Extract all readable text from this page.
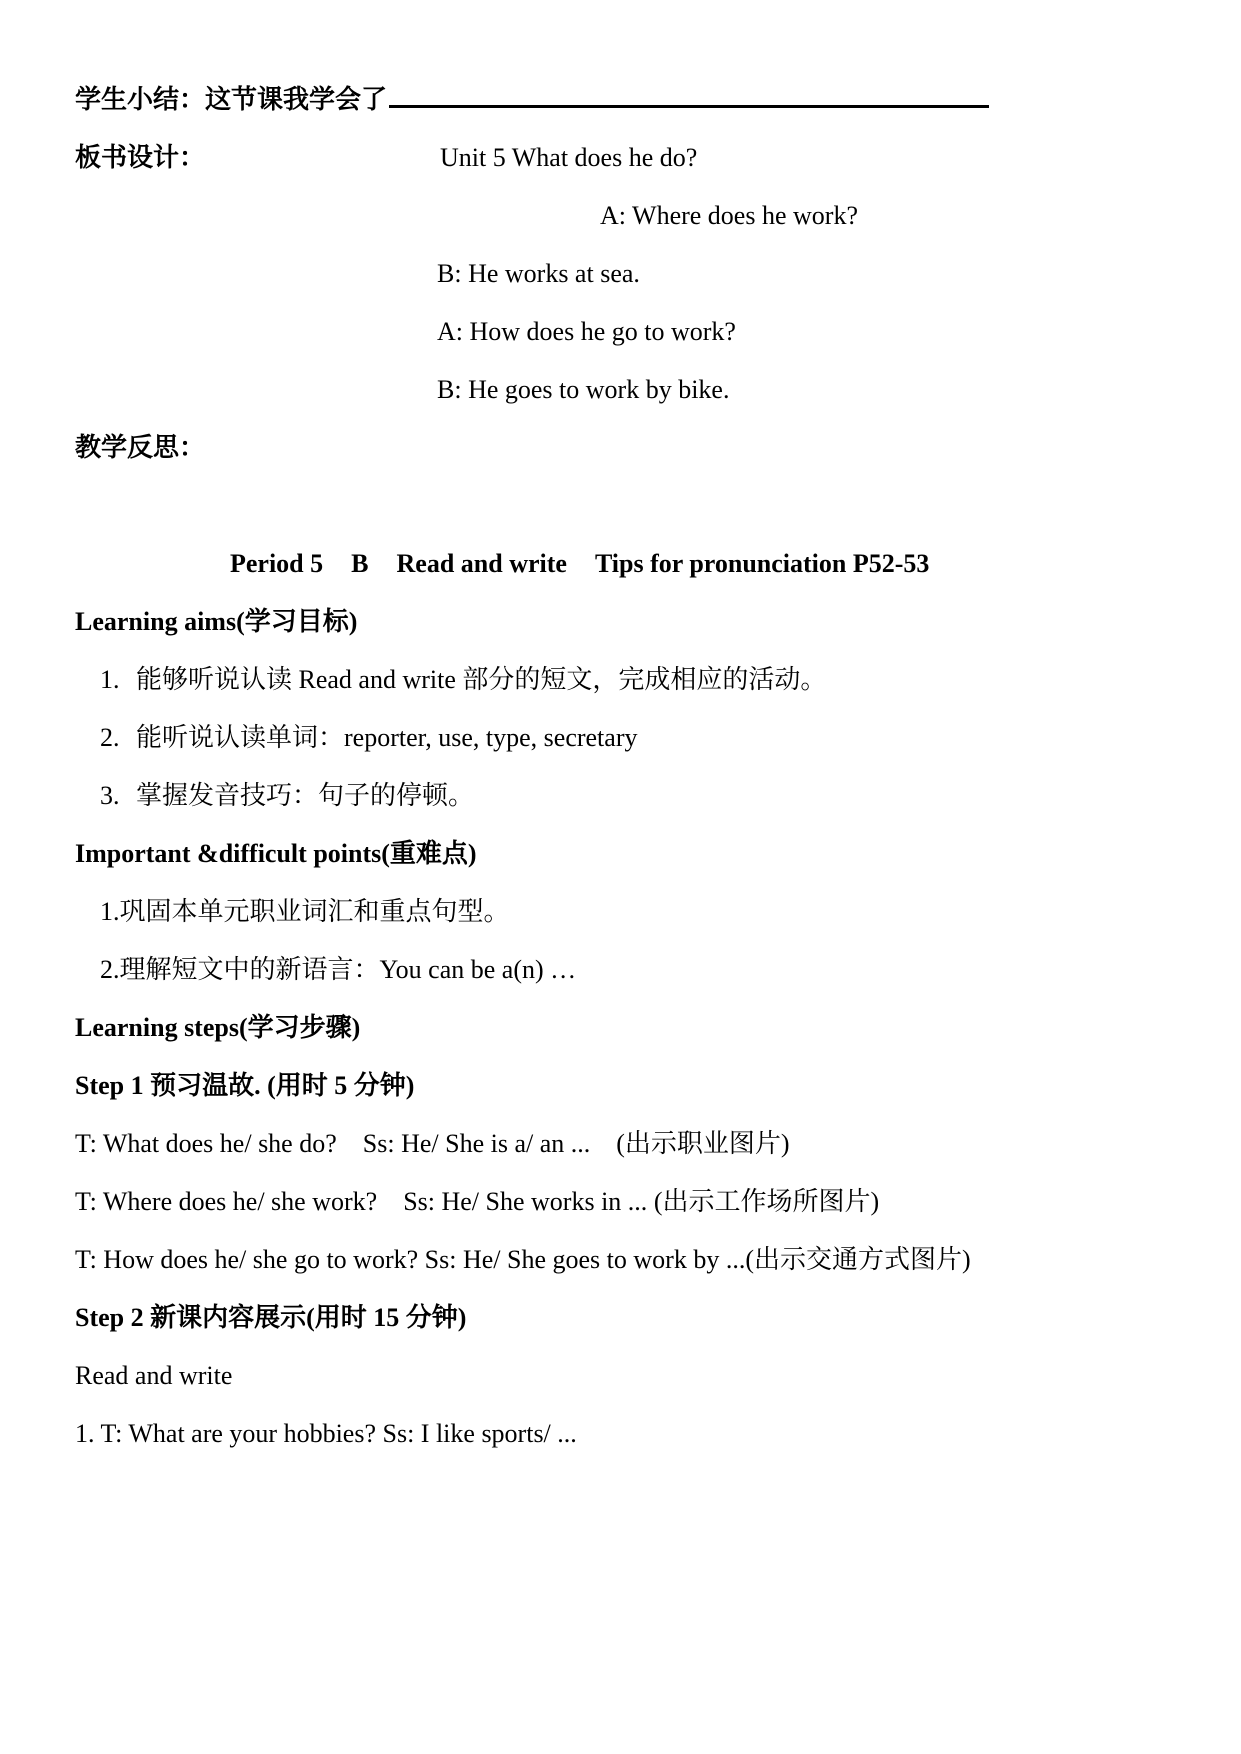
学生小结：这节课我学会了
板书设计：	Unit 5 What does he do?
A: Where does he work?
B: He works at sea.
A: How does he go to work?
B: He goes to work by bike.
教学反思：
Period 5 B Read and write Tips for pronunciation P52-53
Learning aims(学习目标)
1. 能够听说认读 Read and write 部分的短文，完成相应的活动。
2. 能听说认读单词：reporter, use, type, secretary
3. 掌握发音技巧：句子的停顿。
Important &difficult points(重难点)
1.巩固本单元职业词汇和重点句型。
2.理解短文中的新语言：You can be a(n) …
Learning steps(学习步骤)
Step 1 预习温故. (用时 5 分钟)
T: What does he/ she do? Ss: He/ She is a/ an ... (出示职业图片)
T: Where does he/ she work? Ss: He/ She works in ... (出示工作场所图片)
T: How does he/ she go to work? Ss: He/ She goes to work by ...(出示交通方式图片)
Step 2 新课内容展示(用时 15 分钟)
Read and write
1. T: What are your hobbies? Ss: I like sports/ ...
